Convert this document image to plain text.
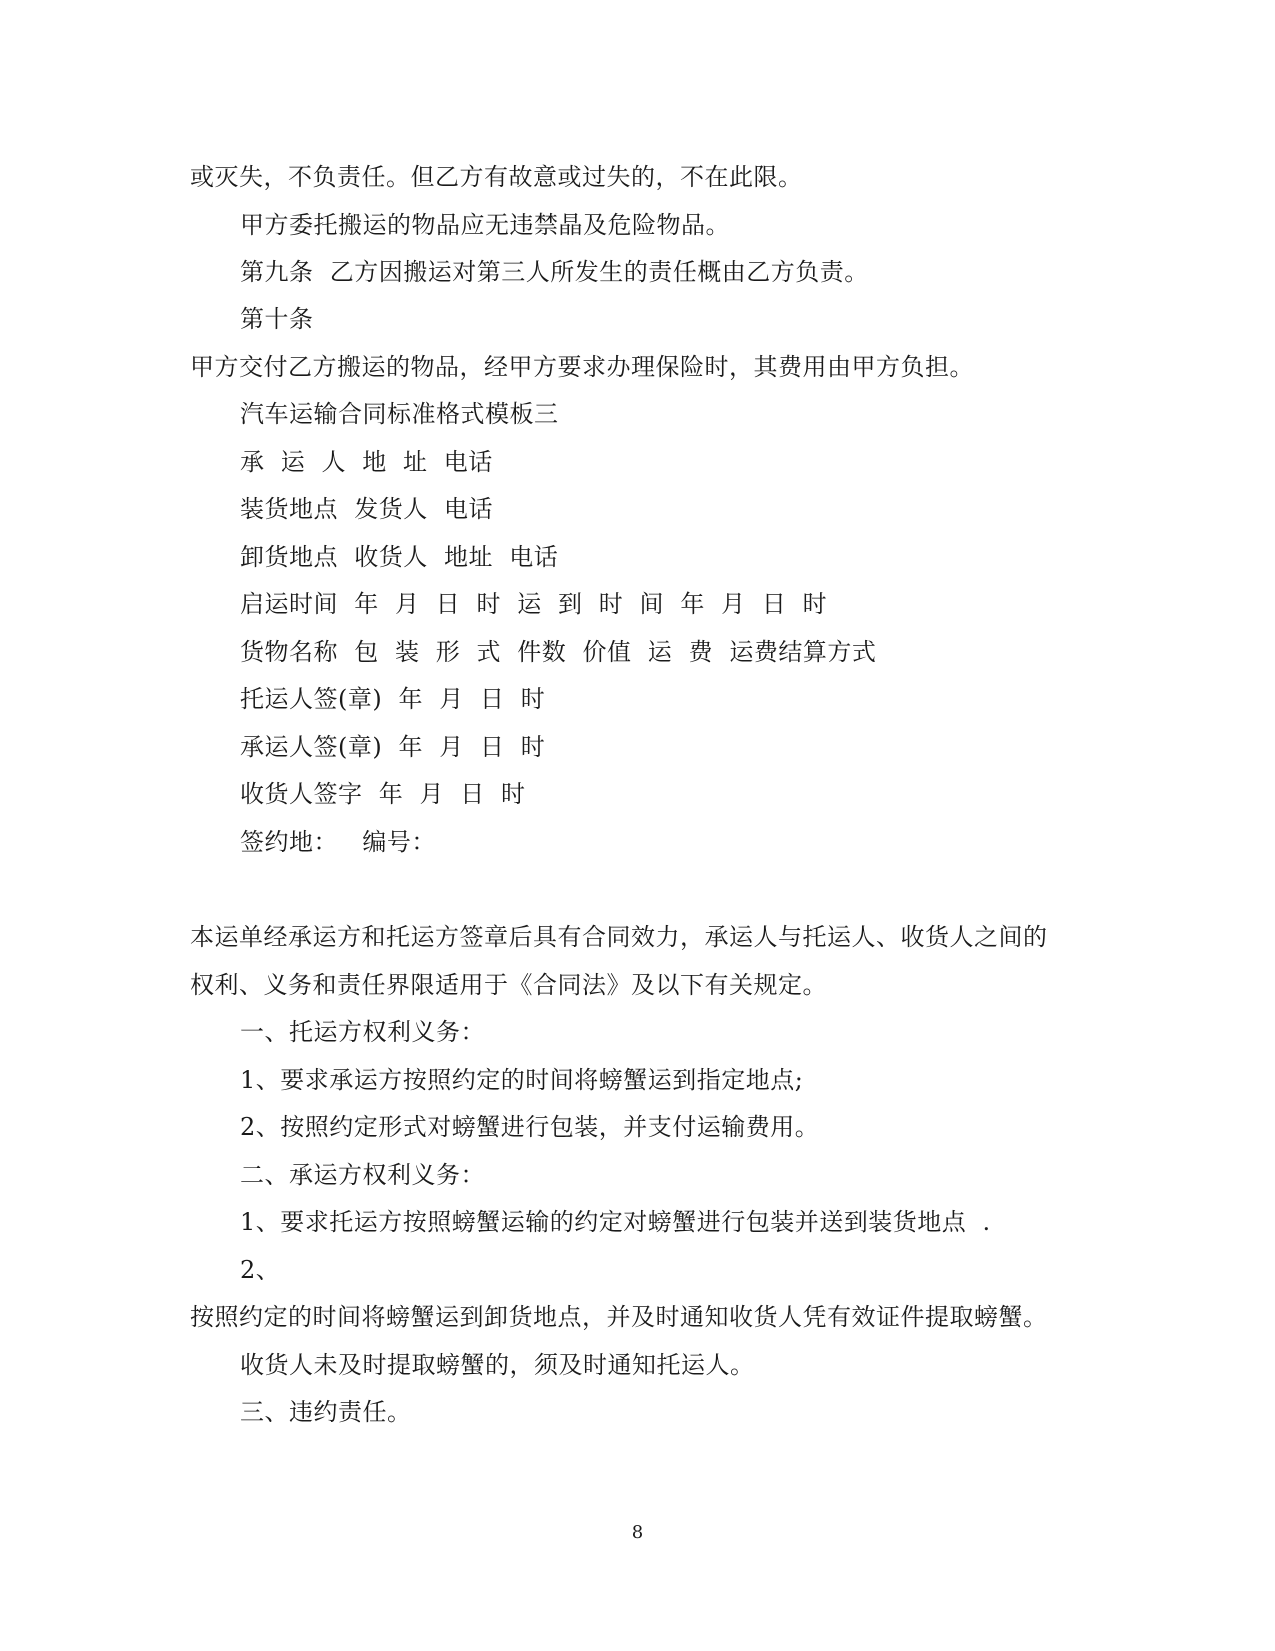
或灭失，不负责任。但乙方有故意或过失的，不在此限。
甲方委托搬运的物品应无违禁晶及危险物品。
第九条  乙方因搬运对第三人所发生的责任概由乙方负责。
第十条
甲方交付乙方搬运的物品，经甲方要求办理保险时，其费用由甲方负担。
汽车运输合同标准格式模板三
承  运  人  地  址  电话
装货地点  发货人  电话
卸货地点  收货人  地址  电话
启运时间  年  月  日  时  运  到  时  间  年  月  日  时
货物名称  包  装  形  式  件数  价值  运  费  运费结算方式
托运人签(章)  年  月  日  时
承运人签(章)  年  月  日  时
收货人签字  年  月  日  时
签约地：   编号：
本运单经承运方和托运方签章后具有合同效力，承运人与托运人、收货人之间的
权利、义务和责任界限适用于《合同法》及以下有关规定。
一、托运方权利义务：
1、要求承运方按照约定的时间将螃蟹运到指定地点;
2、按照约定形式对螃蟹进行包装，并支付运输费用。
二、承运方权利义务：
1、要求托运方按照螃蟹运输的约定对螃蟹进行包装并送到装货地点  .
2、
按照约定的时间将螃蟹运到卸货地点，并及时通知收货人凭有效证件提取螃蟹。
收货人未及时提取螃蟹的，须及时通知托运人。
三、违约责任。
8
